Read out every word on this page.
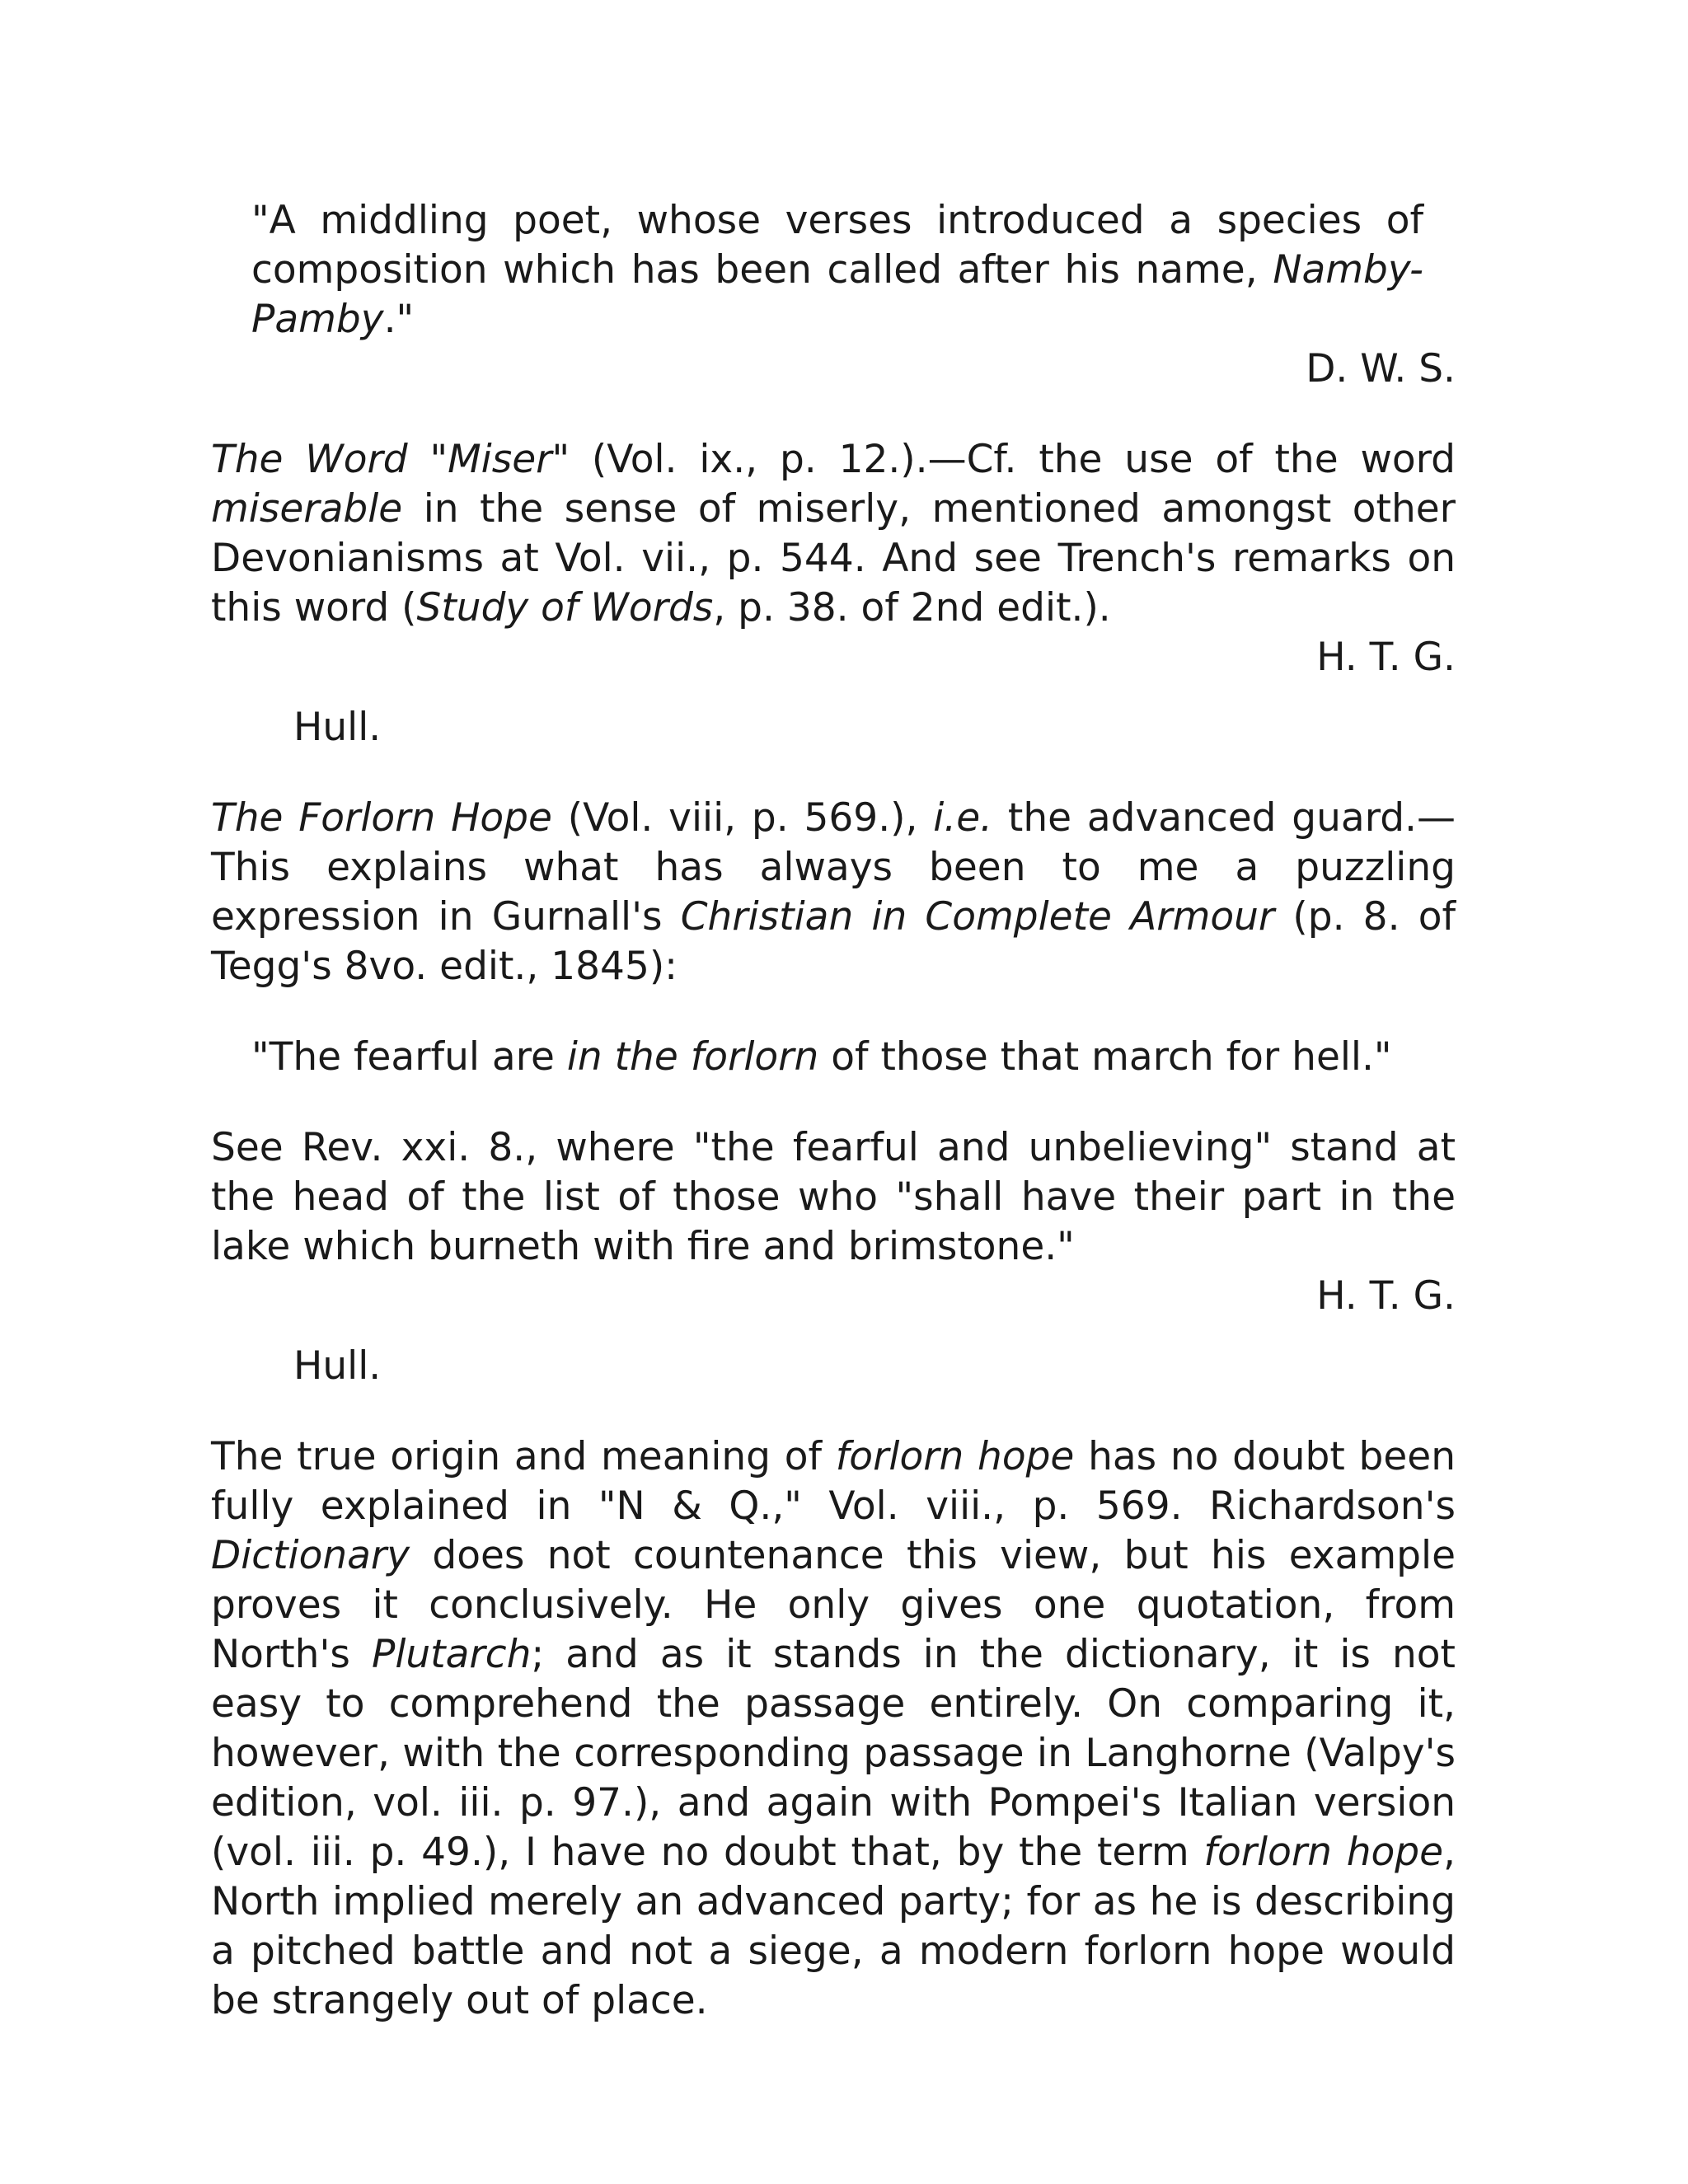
"A middling poet, whose verses introduced a species of composition which has been called after his name, Namby-Pamby."

D. W. S.

The Word "Miser" (Vol. ix., p. 12.).—Cf. the use of the word miserable in the sense of miserly, mentioned amongst other Devonianisms at Vol. vii., p. 544. And see Trench's remarks on this word (Study of Words, p. 38. of 2nd edit.).

H. T. G.

Hull.

The Forlorn Hope (Vol. viii, p. 569.), i.e. the advanced guard.—This explains what has always been to me a puzzling expression in Gurnall's Christian in Complete Armour (p. 8. of Tegg's 8vo. edit., 1845):

"The fearful are in the forlorn of those that march for hell."

See Rev. xxi. 8., where "the fearful and unbelieving" stand at the head of the list of those who "shall have their part in the lake which burneth with fire and brimstone."

H. T. G.

Hull.

The true origin and meaning of forlorn hope has no doubt been fully explained in "N & Q.," Vol. viii., p. 569. Richardson's Dictionary does not countenance this view, but his example proves it conclusively. He only gives one quotation, from North's Plutarch; and as it stands in the dictionary, it is not easy to comprehend the passage entirely. On comparing it, however, with the corresponding passage in Langhorne (Valpy's edition, vol. iii. p. 97.), and again with Pompei's Italian version (vol. iii. p. 49.), I have no doubt that, by the term forlorn hope, North implied merely an advanced party; for as he is describing a pitched battle and not a siege, a modern forlorn hope would be strangely out of place.
